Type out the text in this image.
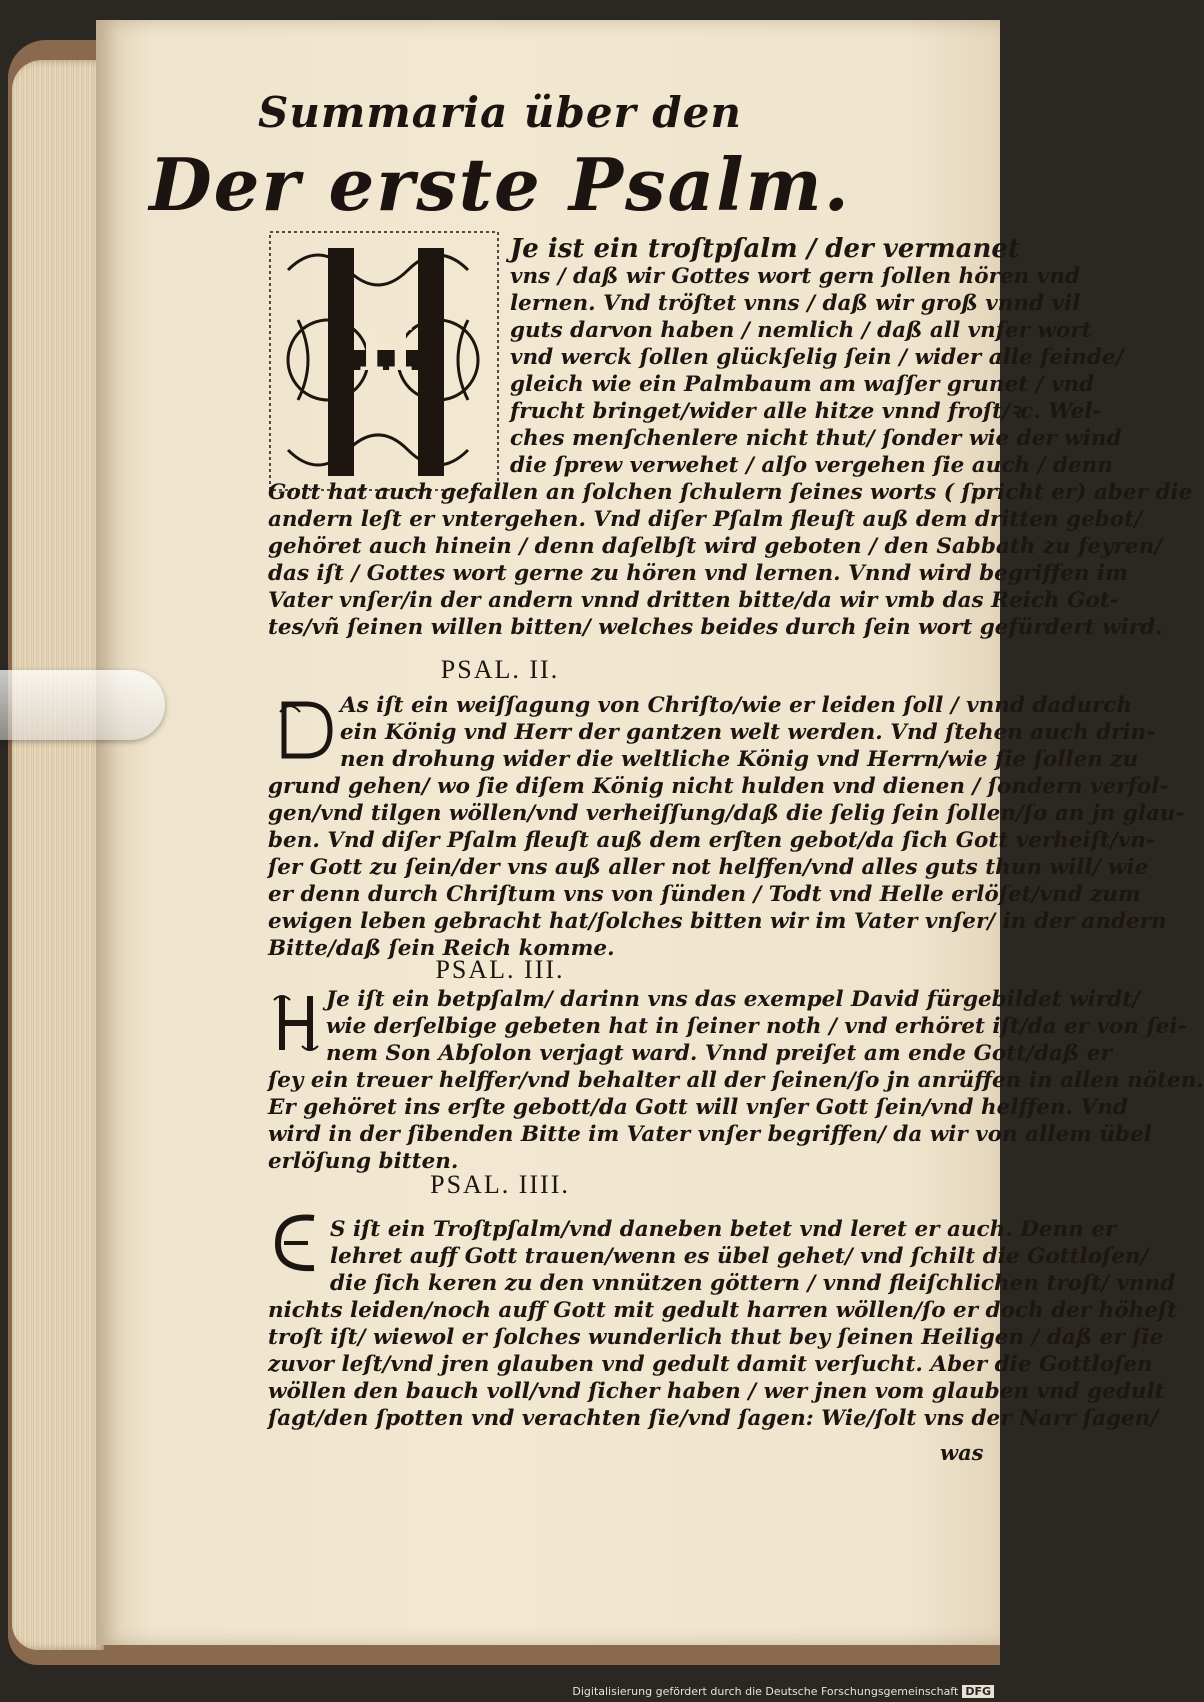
Summaria über den
Der erste Psalm.
H
Je ist ein troſtpſalm / der vermanet
vns / daß wir Gottes wort gern ſollen hören vnd
lernen. Vnd tröſtet vnns / daß wir groß vnnd vil
guts darvon haben / nemlich / daß all vnſer wort
vnd werck ſollen glückſelig ſein / wider alle feinde/
gleich wie ein Palmbaum am waſſer grunet / vnd
frucht bringet/wider alle hitze vnnd froſt/ꝛc. Wel-
ches menſchenlere nicht thut/ ſonder wie der wind
die ſprew verwehet / alſo vergehen ſie auch / denn
Gott hat auch gefallen an ſolchen ſchulern ſeines worts ( ſpricht er) aber die
andern leſt er vntergehen. Vnd diſer Pſalm fleuſt auß dem dritten gebot/
gehöret auch hinein / denn daſelbſt wird geboten / den Sabbath zu feyren/
das iſt / Gottes wort gerne zu hören vnd lernen. Vnnd wird begriffen im
Vater vnſer/in der andern vnnd dritten bitte/da wir vmb das Reich Got-
tes/vñ ſeinen willen bitten/ welches beides durch ſein wort gefürdert wird.
PSAL. II.
As iſt ein weiſſagung von Chriſto/wie er leiden ſoll / vnnd dadurch
ein König vnd Herr der gantzen welt werden. Vnd ſtehen auch drin-
nen drohung wider die weltliche König vnd Herrn/wie ſie ſollen zu
grund gehen/ wo ſie diſem König nicht hulden vnd dienen / ſondern verfol-
gen/vnd tilgen wöllen/vnd verheiſſung/daß die ſelig ſein ſollen/ſo an jn glau-
ben. Vnd diſer Pſalm fleuſt auß dem erſten gebot/da ſich Gott verheiſt/vn-
ſer Gott zu ſein/der vns auß aller not helffen/vnd alles guts thun will/ wie
er denn durch Chriſtum vns von ſünden / Todt vnd Helle erlöſet/vnd zum
ewigen leben gebracht hat/ſolches bitten wir im Vater vnſer/ in der andern
Bitte/daß ſein Reich komme.
PSAL. III.
Je iſt ein betpſalm/ darinn vns das exempel David fürgebildet wirdt/
wie derſelbige gebeten hat in ſeiner noth / vnd erhöret iſt/da er von ſei-
nem Son Abſolon verjagt ward. Vnnd preiſet am ende Gott/daß er
ſey ein treuer helffer/vnd behalter all der ſeinen/ſo jn anrüffen in allen nöten.
Er gehöret ins erſte gebott/da Gott will vnſer Gott ſein/vnd helffen. Vnd
wird in der ſibenden Bitte im Vater vnſer begriffen/ da wir von allem übel
erlöſung bitten.
PSAL. IIII.
S iſt ein Troſtpſalm/vnd daneben betet vnd leret er auch. Denn er
lehret auff Gott trauen/wenn es übel gehet/ vnd ſchilt die Gottloſen/
die ſich keren zu den vnnützen göttern / vnnd fleiſchlichen troſt/ vnnd
nichts leiden/noch auff Gott mit gedult harren wöllen/ſo er doch der höheſt
troſt iſt/ wiewol er ſolches wunderlich thut bey ſeinen Heiligen / daß er ſie
zuvor leſt/vnd jren glauben vnd gedult damit verſucht. Aber die Gottloſen
wöllen den bauch voll/vnd ſicher haben / wer jnen vom glauben vnd gedult
ſagt/den ſpotten vnd verachten ſie/vnd ſagen: Wie/ſolt vns der Narr ſagen/
was
Digitalisierung gefördert durch die Deutsche Forschungsgemeinschaft DFG
